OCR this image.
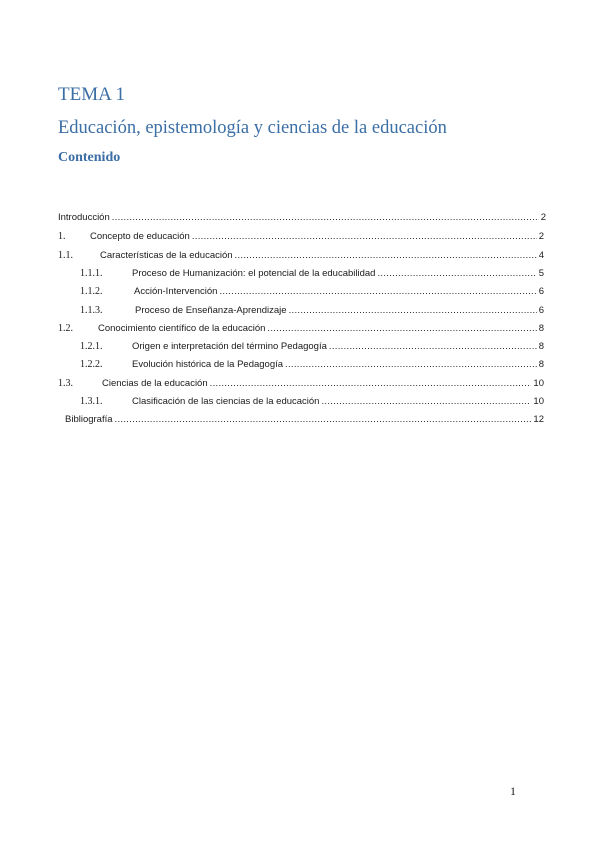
TEMA 1
Educación, epistemología y ciencias de la educación
Contenido
Introducción .....	2
1.	Concepto de educación .....	2
1.1.	Características de la educación .....	4
1.1.1.	Proceso de Humanización: el potencial de la educabilidad .....	5
1.1.2.	Acción-Intervención .....	6
1.1.3.	Proceso de Enseñanza-Aprendizaje .....	6
1.2.	Conocimiento científico de la educación .....	8
1.2.1.	Origen e interpretación del término Pedagogía .....	8
1.2.2.	Evolución histórica de la Pedagogía .....	8
1.3.	Ciencias de la educación .....	10
1.3.1.	Clasificación de las ciencias de la educación .....	10
Bibliografía .....	12
1
